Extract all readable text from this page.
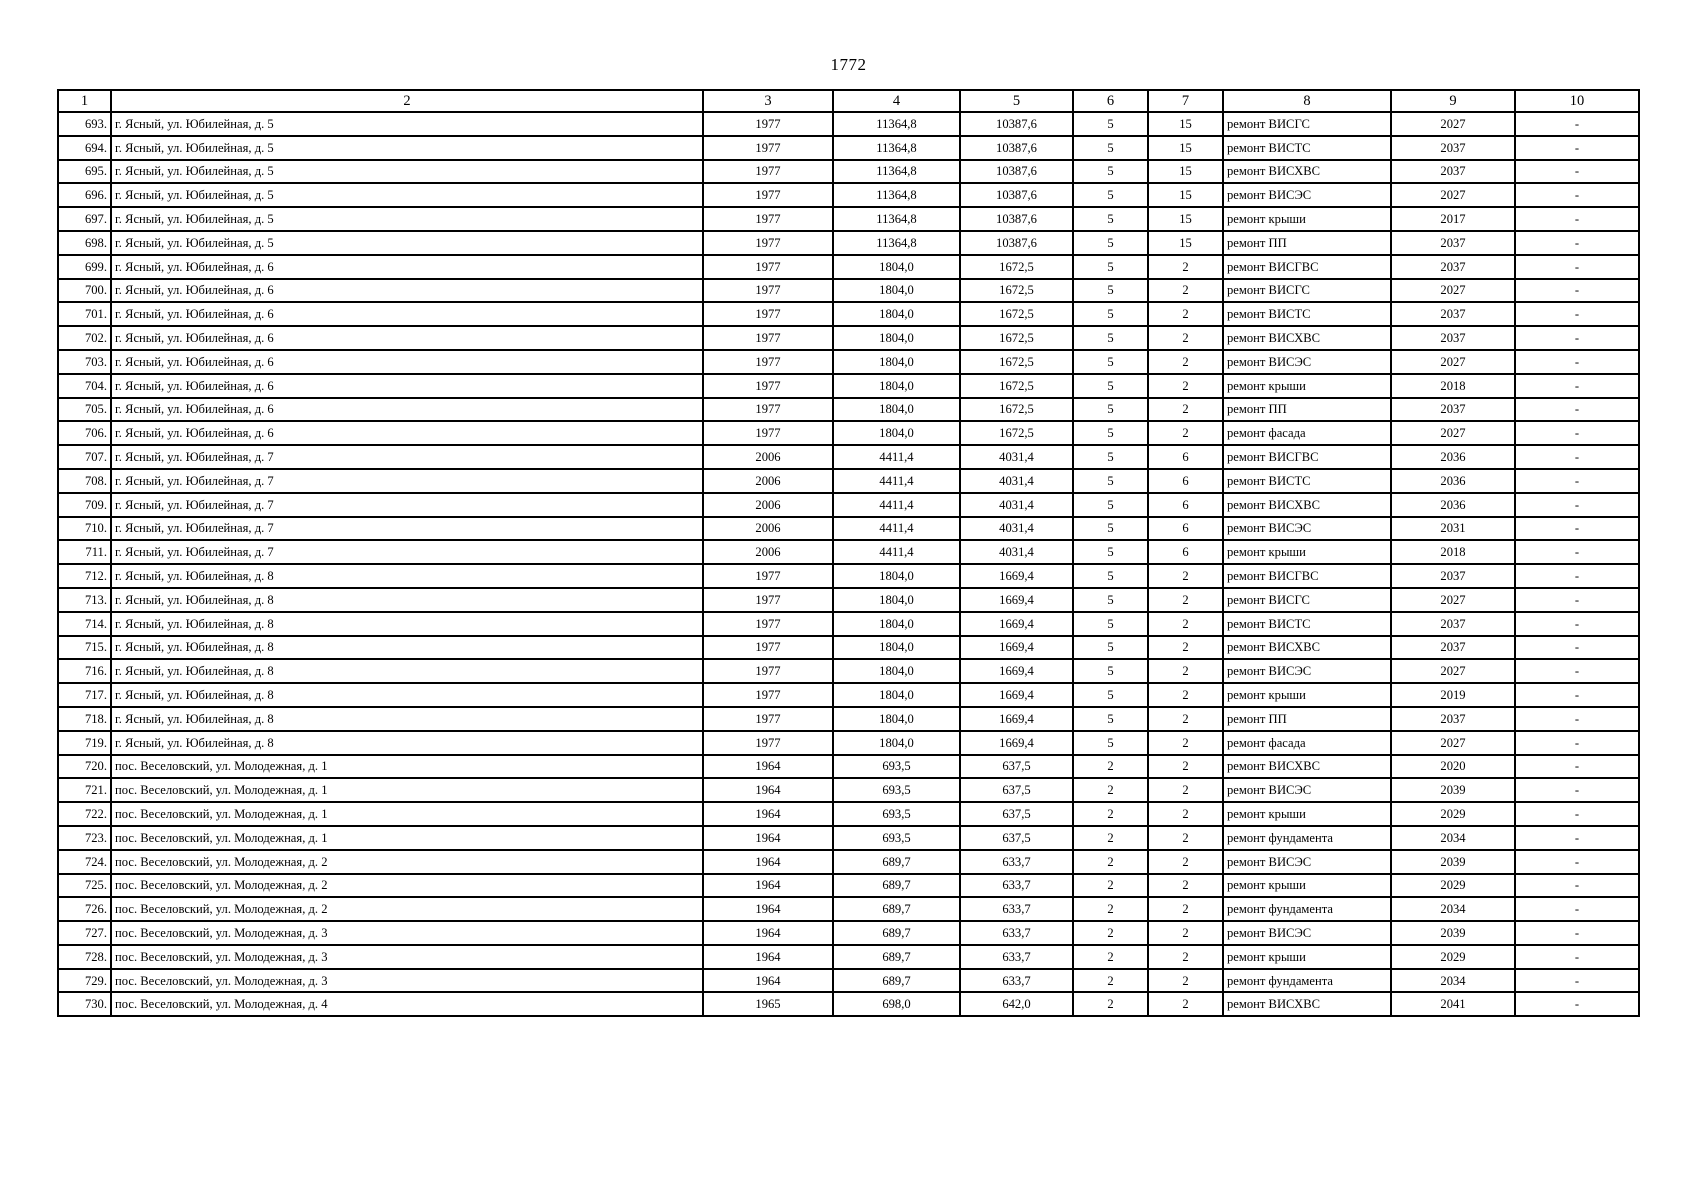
1772
1	2	3	4	5	6	7	8	9	10
693.	г. Ясный, ул. Юбилейная, д. 5	1977	11364,8	10387,6	5	15	ремонт ВИСГС	2027	-
694.	г. Ясный, ул. Юбилейная, д. 5	1977	11364,8	10387,6	5	15	ремонт ВИСТС	2037	-
695.	г. Ясный, ул. Юбилейная, д. 5	1977	11364,8	10387,6	5	15	ремонт ВИСХВС	2037	-
696.	г. Ясный, ул. Юбилейная, д. 5	1977	11364,8	10387,6	5	15	ремонт ВИСЭС	2027	-
697.	г. Ясный, ул. Юбилейная, д. 5	1977	11364,8	10387,6	5	15	ремонт крыши	2017	-
698.	г. Ясный, ул. Юбилейная, д. 5	1977	11364,8	10387,6	5	15	ремонт ПП	2037	-
699.	г. Ясный, ул. Юбилейная, д. 6	1977	1804,0	1672,5	5	2	ремонт ВИСГВС	2037	-
700.	г. Ясный, ул. Юбилейная, д. 6	1977	1804,0	1672,5	5	2	ремонт ВИСГС	2027	-
701.	г. Ясный, ул. Юбилейная, д. 6	1977	1804,0	1672,5	5	2	ремонт ВИСТС	2037	-
702.	г. Ясный, ул. Юбилейная, д. 6	1977	1804,0	1672,5	5	2	ремонт ВИСХВС	2037	-
703.	г. Ясный, ул. Юбилейная, д. 6	1977	1804,0	1672,5	5	2	ремонт ВИСЭС	2027	-
704.	г. Ясный, ул. Юбилейная, д. 6	1977	1804,0	1672,5	5	2	ремонт крыши	2018	-
705.	г. Ясный, ул. Юбилейная, д. 6	1977	1804,0	1672,5	5	2	ремонт ПП	2037	-
706.	г. Ясный, ул. Юбилейная, д. 6	1977	1804,0	1672,5	5	2	ремонт фасада	2027	-
707.	г. Ясный, ул. Юбилейная, д. 7	2006	4411,4	4031,4	5	6	ремонт ВИСГВС	2036	-
708.	г. Ясный, ул. Юбилейная, д. 7	2006	4411,4	4031,4	5	6	ремонт ВИСТС	2036	-
709.	г. Ясный, ул. Юбилейная, д. 7	2006	4411,4	4031,4	5	6	ремонт ВИСХВС	2036	-
710.	г. Ясный, ул. Юбилейная, д. 7	2006	4411,4	4031,4	5	6	ремонт ВИСЭС	2031	-
711.	г. Ясный, ул. Юбилейная, д. 7	2006	4411,4	4031,4	5	6	ремонт крыши	2018	-
712.	г. Ясный, ул. Юбилейная, д. 8	1977	1804,0	1669,4	5	2	ремонт ВИСГВС	2037	-
713.	г. Ясный, ул. Юбилейная, д. 8	1977	1804,0	1669,4	5	2	ремонт ВИСГС	2027	-
714.	г. Ясный, ул. Юбилейная, д. 8	1977	1804,0	1669,4	5	2	ремонт ВИСТС	2037	-
715.	г. Ясный, ул. Юбилейная, д. 8	1977	1804,0	1669,4	5	2	ремонт ВИСХВС	2037	-
716.	г. Ясный, ул. Юбилейная, д. 8	1977	1804,0	1669,4	5	2	ремонт ВИСЭС	2027	-
717.	г. Ясный, ул. Юбилейная, д. 8	1977	1804,0	1669,4	5	2	ремонт крыши	2019	-
718.	г. Ясный, ул. Юбилейная, д. 8	1977	1804,0	1669,4	5	2	ремонт ПП	2037	-
719.	г. Ясный, ул. Юбилейная, д. 8	1977	1804,0	1669,4	5	2	ремонт фасада	2027	-
720.	пос. Веселовский, ул. Молодежная, д. 1	1964	693,5	637,5	2	2	ремонт ВИСХВС	2020	-
721.	пос. Веселовский, ул. Молодежная, д. 1	1964	693,5	637,5	2	2	ремонт ВИСЭС	2039	-
722.	пос. Веселовский, ул. Молодежная, д. 1	1964	693,5	637,5	2	2	ремонт крыши	2029	-
723.	пос. Веселовский, ул. Молодежная, д. 1	1964	693,5	637,5	2	2	ремонт фундамента	2034	-
724.	пос. Веселовский, ул. Молодежная, д. 2	1964	689,7	633,7	2	2	ремонт ВИСЭС	2039	-
725.	пос. Веселовский, ул. Молодежная, д. 2	1964	689,7	633,7	2	2	ремонт крыши	2029	-
726.	пос. Веселовский, ул. Молодежная, д. 2	1964	689,7	633,7	2	2	ремонт фундамента	2034	-
727.	пос. Веселовский, ул. Молодежная, д. 3	1964	689,7	633,7	2	2	ремонт ВИСЭС	2039	-
728.	пос. Веселовский, ул. Молодежная, д. 3	1964	689,7	633,7	2	2	ремонт крыши	2029	-
729.	пос. Веселовский, ул. Молодежная, д. 3	1964	689,7	633,7	2	2	ремонт фундамента	2034	-
730.	пос. Веселовский, ул. Молодежная, д. 4	1965	698,0	642,0	2	2	ремонт ВИСХВС	2041	-
